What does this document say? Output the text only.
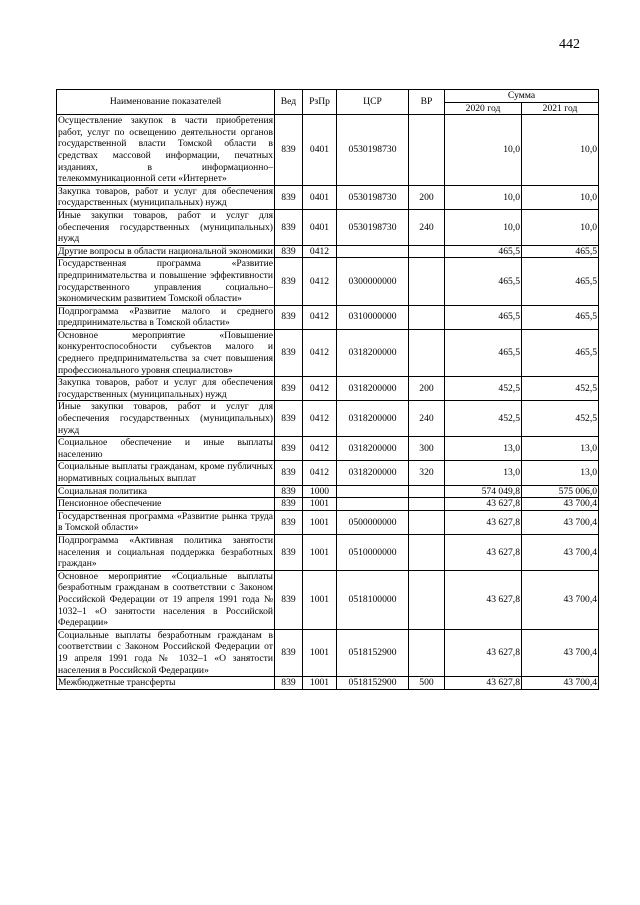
442
Наименование показателей	Вед	РзПр	ЦСР	ВР	Сумма	
					2020 год	2021 год
Осуществление закупок в части приобретения работ, услуг по освещению деятельности органов государственной власти Томской области в средствах массовой информации, печатных изданиях, в информационно–телекоммуникационной сети «Интернет»	839	0401	0530198730		10,0	10,0
Закупка товаров, работ и услуг для обеспечения государственных (муниципальных) нужд	839	0401	0530198730	200	10,0	10,0
Иные закупки товаров, работ и услуг для обеспечения государственных (муниципальных) нужд	839	0401	0530198730	240	10,0	10,0
Другие вопросы в области национальной экономики	839	0412			465,5	465,5
Государственная программа «Развитие предпринимательства и повышение эффективности государственного управления социально–экономическим развитием Томской области»	839	0412	0300000000		465,5	465,5
Подпрограмма «Развитие малого и среднего предпринимательства в Томской области»	839	0412	0310000000		465,5	465,5
Основное мероприятие «Повышение конкурентоспособности субъектов малого и среднего предпринимательства за счет повышения профессионального уровня специалистов»	839	0412	0318200000		465,5	465,5
Закупка товаров, работ и услуг для обеспечения государственных (муниципальных) нужд	839	0412	0318200000	200	452,5	452,5
Иные закупки товаров, работ и услуг для обеспечения государственных (муниципальных) нужд	839	0412	0318200000	240	452,5	452,5
Социальное обеспечение и иные выплаты населению	839	0412	0318200000	300	13,0	13,0
Социальные выплаты гражданам, кроме публичных нормативных социальных выплат	839	0412	0318200000	320	13,0	13,0
Социальная политика	839	1000			574 049,8	575 006,0
Пенсионное обеспечение	839	1001			43 627,8	43 700,4
Государственная программа «Развитие рынка труда в Томской области»	839	1001	0500000000		43 627,8	43 700,4
Подпрограмма «Активная политика занятости населения и социальная поддержка безработных граждан»	839	1001	0510000000		43 627,8	43 700,4
Основное мероприятие «Социальные выплаты безработным гражданам в соответствии с Законом Российской Федерации от 19 апреля 1991 года № 1032–1 «О занятости населения в Российской Федерации»	839	1001	0518100000		43 627,8	43 700,4
Социальные выплаты безработным гражданам в соответствии с Законом Российской Федерации от 19 апреля 1991 года № 1032–1 «О занятости населения в Российской Федерации»	839	1001	0518152900		43 627,8	43 700,4
Межбюджетные трансферты	839	1001	0518152900	500	43 627,8	43 700,4
